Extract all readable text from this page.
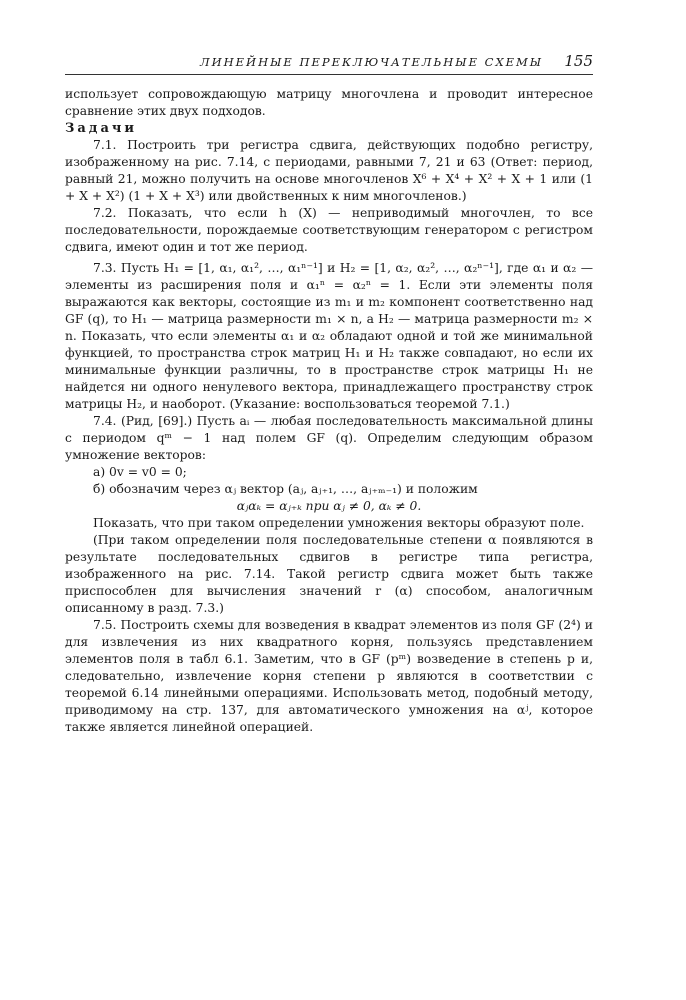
ЛИНЕЙНЫЕ ПЕРЕКЛЮЧАТЕЛЬНЫЕ СХЕМЫ 155

использует сопровождающую матрицу многочлена и проводит интересное сравнение этих двух подходов.

Задачи

7.1. Построить три регистра сдвига, действующих подобно регистру, изображенному на рис. 7.14, с периодами, равными 7, 21 и 63 (Ответ: период, равный 21, можно получить на основе многочленов X⁶ + X⁴ + X² + X + 1 или (1 + X + X²) (1 + X + X³) или двойственных к ним многочленов.)

7.2. Показать, что если h (X) — неприводимый многочлен, то все последовательности, порождаемые соответствующим генератором с регистром сдвига, имеют один и тот же период.

7.3. Пусть H₁ = [1, α₁, α₁², …, α₁ⁿ⁻¹] и H₂ = [1, α₂, α₂², …, α₂ⁿ⁻¹], где α₁ и α₂ — элементы из расширения поля и α₁ⁿ = α₂ⁿ = 1. Если эти элементы поля выражаются как векторы, состоящие из m₁ и m₂ компонент соответственно над GF (q), то H₁ — матрица размерности m₁ × n, а H₂ — матрица размерности m₂ × n. Показать, что если элементы α₁ и α₂ обладают одной и той же минимальной функцией, то пространства строк матриц H₁ и H₂ также совпадают, но если их минимальные функции различны, то в пространстве строк матрицы H₁ не найдется ни одного ненулевого вектора, принадлежащего пространству строк матрицы H₂, и наоборот. (Указание: воспользоваться теоремой 7.1.)

7.4. (Рид, [69].) Пусть aᵢ — любая последовательность максимальной длины с периодом qᵐ − 1 над полем GF (q). Определим следующим образом умножение векторов:

а) 0v = v0 = 0;

б) обозначим через αⱼ вектор (aⱼ, aⱼ₊₁, …, aⱼ₊ₘ₋₁) и положим

αⱼαₖ = αⱼ₊ₖ при αⱼ ≠ 0, αₖ ≠ 0.

Показать, что при таком определении умножения векторы образуют поле.

(При таком определении поля последовательные степени α появляются в результате последовательных сдвигов в регистре типа регистра, изображенного на рис. 7.14. Такой регистр сдвига может быть также приспособлен для вычисления значений r (α) способом, аналогичным описанному в разд. 7.3.)

7.5. Построить схемы для возведения в квадрат элементов из поля GF (2⁴) и для извлечения из них квадратного корня, пользуясь представлением элементов поля в табл 6.1. Заметим, что в GF (pᵐ) возведение в степень p и, следовательно, извлечение корня степени p являются в соответствии с теоремой 6.14 линейными операциями. Использовать метод, подобный методу, приводимому на стр. 137, для автоматического умножения на αʲ, которое также является линейной операцией.
